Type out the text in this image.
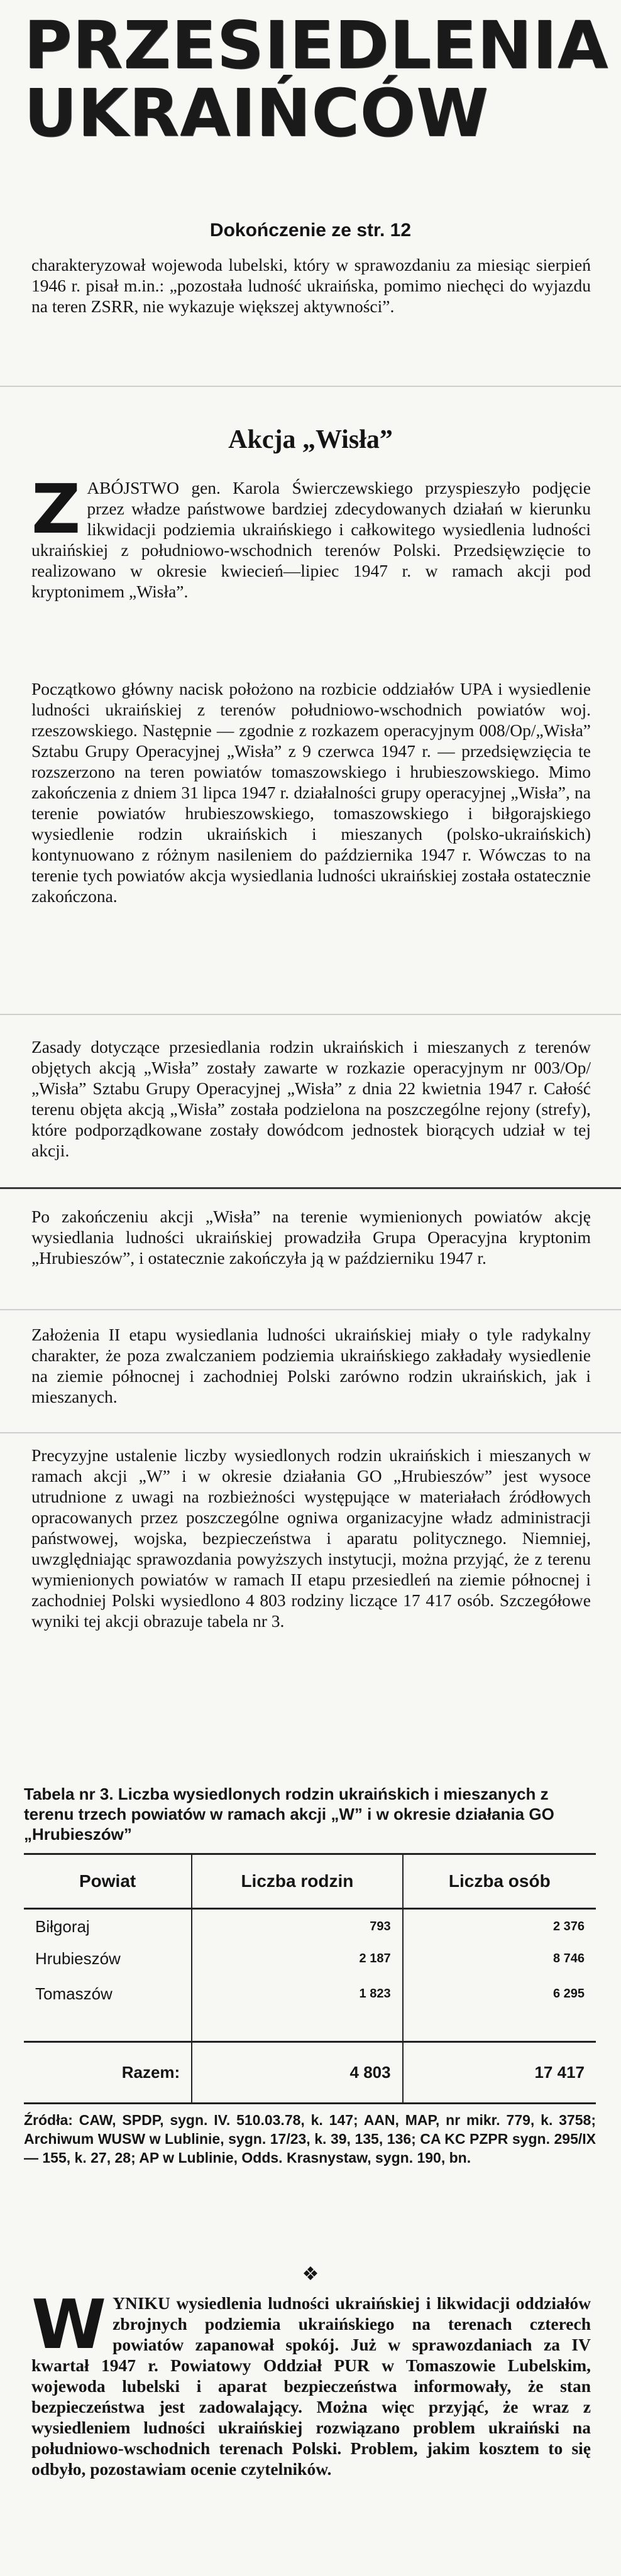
PRZESIEDLENIA
UKRAIŃCÓW
Dokończenie ze str. 12

charakteryzował wojewoda lubelski, który w sprawozdaniu za miesiąc sierpień 1946 r. pisał m.in.: „pozostała ludność ukraińska, pomimo niechęci do wyjazdu na teren ZSRR, nie wykazuje większej aktywności”.

Akcja „Wisła”

ZABÓJSTWO gen. Karola Świerczewskiego przyspieszyło podjęcie przez władze państwowe bardziej zdecydowanych działań w kierunku likwidacji podziemia ukraińskiego i całkowitego wysiedlenia ludności ukraińskiej z południowo-wschodnich terenów Polski. Przedsięwzięcie to realizowano w okresie kwiecień—lipiec 1947 r. w ramach akcji pod kryptonimem „Wisła”.

Początkowo główny nacisk położono na rozbicie oddziałów UPA i wysiedlenie ludności ukraińskiej z terenów południowo-wschodnich powiatów woj. rzeszowskiego. Następnie — zgodnie z rozkazem operacyjnym 008/Op/„Wisła” Sztabu Grupy Operacyjnej „Wisła” z 9 czerwca 1947 r. — przedsięwzięcia te rozszerzono na teren powiatów tomaszowskiego i hrubieszowskiego. Mimo zakończenia z dniem 31 lipca 1947 r. działalności grupy operacyjnej „Wisła”, na terenie powiatów hrubieszowskiego, tomaszowskiego i biłgorajskiego wysiedlenie rodzin ukraińskich i mieszanych (polsko-ukraińskich) kontynuowano z różnym nasileniem do października 1947 r. Wówczas to na terenie tych powiatów akcja wysiedlania ludności ukraińskiej została ostatecznie zakończona.

Zasady dotyczące przesiedlania rodzin ukraińskich i mieszanych z terenów objętych akcją „Wisła” zostały zawarte w rozkazie operacyjnym nr 003/Op/„Wisła” Sztabu Grupy Operacyjnej „Wisła” z dnia 22 kwietnia 1947 r. Całość terenu objęta akcją „Wisła” została podzielona na poszczególne rejony (strefy), które podporządkowane zostały dowódcom jednostek biorących udział w tej akcji.

Po zakończeniu akcji „Wisła” na terenie wymienionych powiatów akcję wysiedlania ludności ukraińskiej prowadziła Grupa Operacyjna kryptonim „Hrubieszów”, i ostatecznie zakończyła ją w październiku 1947 r.

Założenia II etapu wysiedlania ludności ukraińskiej miały o tyle radykalny charakter, że poza zwalczaniem podziemia ukraińskiego zakładały wysiedlenie na ziemie północnej i zachodniej Polski zarówno rodzin ukraińskich, jak i mieszanych.

Precyzyjne ustalenie liczby wysiedlonych rodzin ukraińskich i mieszanych w ramach akcji „W” i w okresie działania GO „Hrubieszów” jest wysoce utrudnione z uwagi na rozbieżności występujące w materiałach źródłowych opracowanych przez poszczególne ogniwa organizacyjne władz administracji państwowej, wojska, bezpieczeństwa i aparatu politycznego. Niemniej, uwzględniając sprawozdania powyższych instytucji, można przyjąć, że z terenu wymienionych powiatów w ramach II etapu przesiedleń na ziemie północnej i zachodniej Polski wysiedlono 4 803 rodziny liczące 17 417 osób. Szczegółowe wyniki tej akcji obrazuje tabela nr 3.

Tabela nr 3. Liczba wysiedlonych rodzin ukraińskich i mieszanych z terenu trzech powiatów w ramach akcji „W” i w okresie działania GO „Hrubieszów”
Powiat	Liczba rodzin	Liczba osób
Biłgoraj	793	2 376
Hrubieszów	2 187	8 746
Tomaszów	1 823	6 295

Razem:	4 803	17 417
Źródła: CAW, SPDP, sygn. IV. 510.03.78, k. 147; AAN, MAP, nr mikr. 779, k. 3758; Archiwum WUSW w Lublinie, sygn. 17/23, k. 39, 135, 136; CA KC PZPR sygn. 295/IX — 155, k. 27, 28; AP w Lublinie, Odds. Krasnystaw, sygn. 190, bn.
❖

WYNIKU wysiedlenia ludności ukraińskiej i likwidacji oddziałów zbrojnych podziemia ukraińskiego na terenach czterech powiatów zapanował spokój. Już w sprawozdaniach za IV kwartał 1947 r. Powiatowy Oddział PUR w Tomaszowie Lubelskim, wojewoda lubelski i aparat bezpieczeństwa informowały, że stan bezpieczeństwa jest zadowalający. Można więc przyjąć, że wraz z wysiedleniem ludności ukraińskiej rozwiązano problem ukraiński na południowo-wschodnich terenach Polski. Problem, jakim kosztem to się odbyło, pozostawiam ocenie czytelników.
